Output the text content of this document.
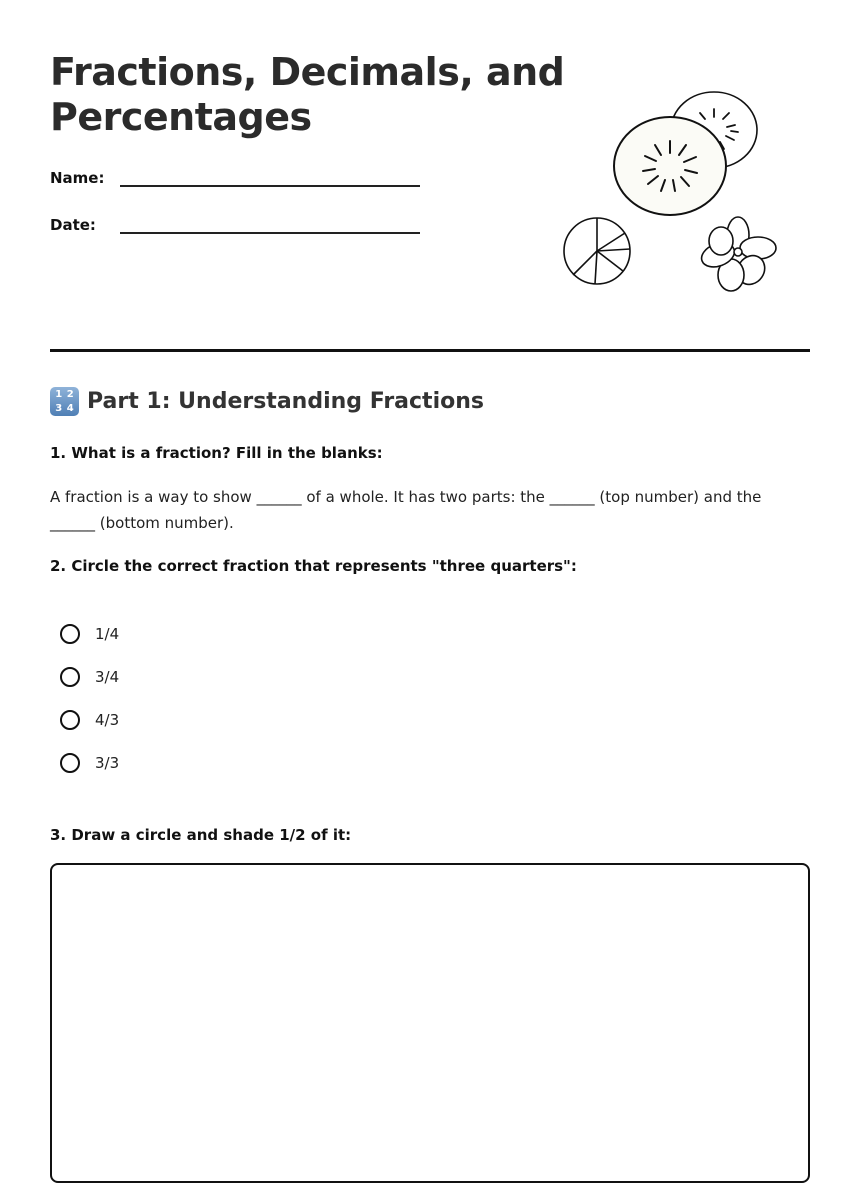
Fractions, Decimals, and Percentages
Name:
Date:
1 2
3 4 Part 1: Understanding Fractions
1. What is a fraction? Fill in the blanks:
A fraction is a way to show ______ of a whole. It has two parts: the ______ (top number) and the ______ (bottom number).
2. Circle the correct fraction that represents "three quarters":
1/4
3/4
4/3
3/3
3. Draw a circle and shade 1/2 of it:
